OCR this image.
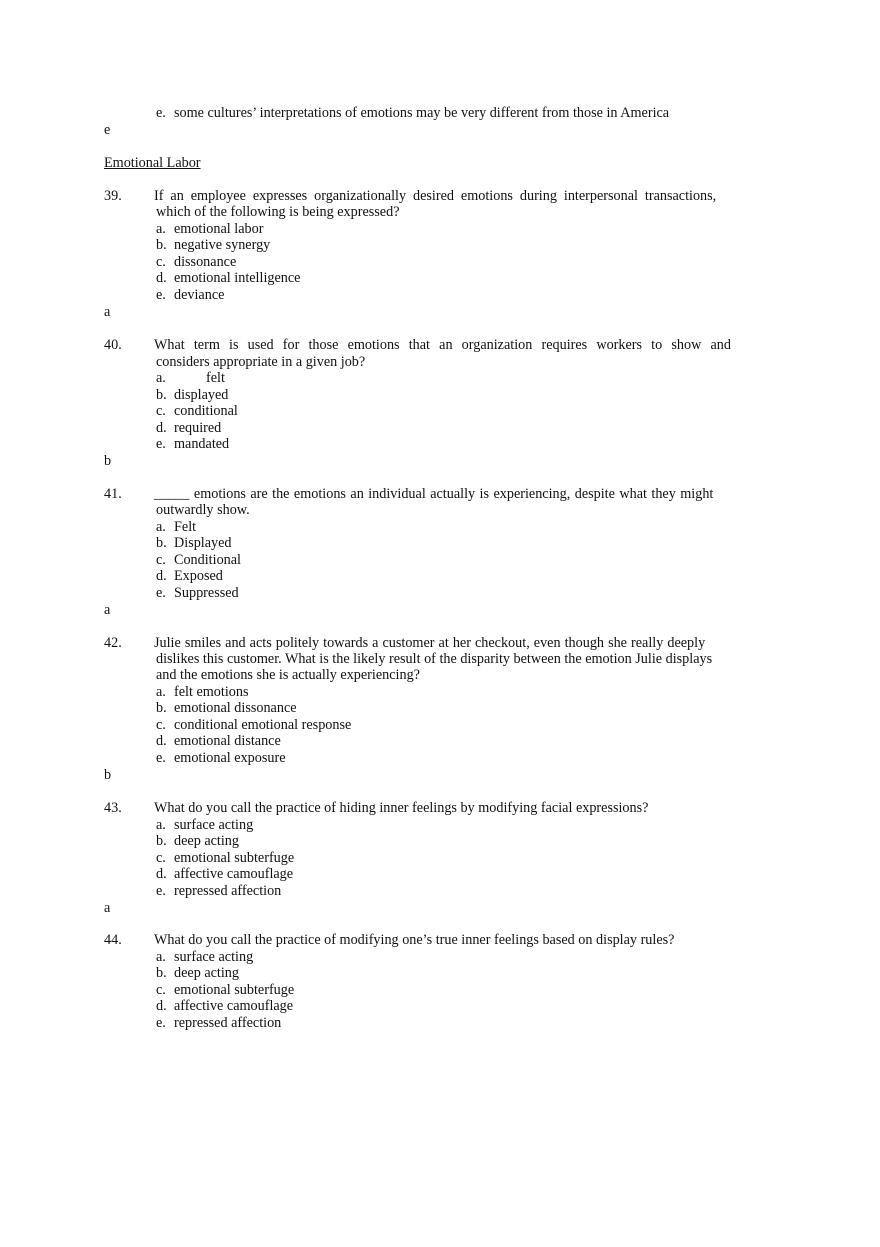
e. some cultures’ interpretations of emotions may be very different from those in America
e
Emotional Labor
39. If an employee expresses organizationally desired emotions during interpersonal transactions,
which of the following is being expressed?
a. emotional labor
b. negative synergy
c. dissonance
d. emotional intelligence
e. deviance
a
40. What term is used for those emotions that an organization requires workers to show and
considers appropriate in a given job?
a.	felt
b. displayed
c. conditional
d. required
e. mandated
b
41. _____ emotions are the emotions an individual actually is experiencing, despite what they might
outwardly show.
a. Felt
b. Displayed
c. Conditional
d. Exposed
e. Suppressed
a
42. Julie smiles and acts politely towards a customer at her checkout, even though she really deeply
dislikes this customer. What is the likely result of the disparity between the emotion Julie displays
and the emotions she is actually experiencing?
a. felt emotions
b. emotional dissonance
c. conditional emotional response
d. emotional distance
e. emotional exposure
b
43. What do you call the practice of hiding inner feelings by modifying facial expressions?
a. surface acting
b. deep acting
c. emotional subterfuge
d. affective camouflage
e. repressed affection
a
44. What do you call the practice of modifying one’s true inner feelings based on display rules?
a. surface acting
b. deep acting
c. emotional subterfuge
d. affective camouflage
e. repressed affection
